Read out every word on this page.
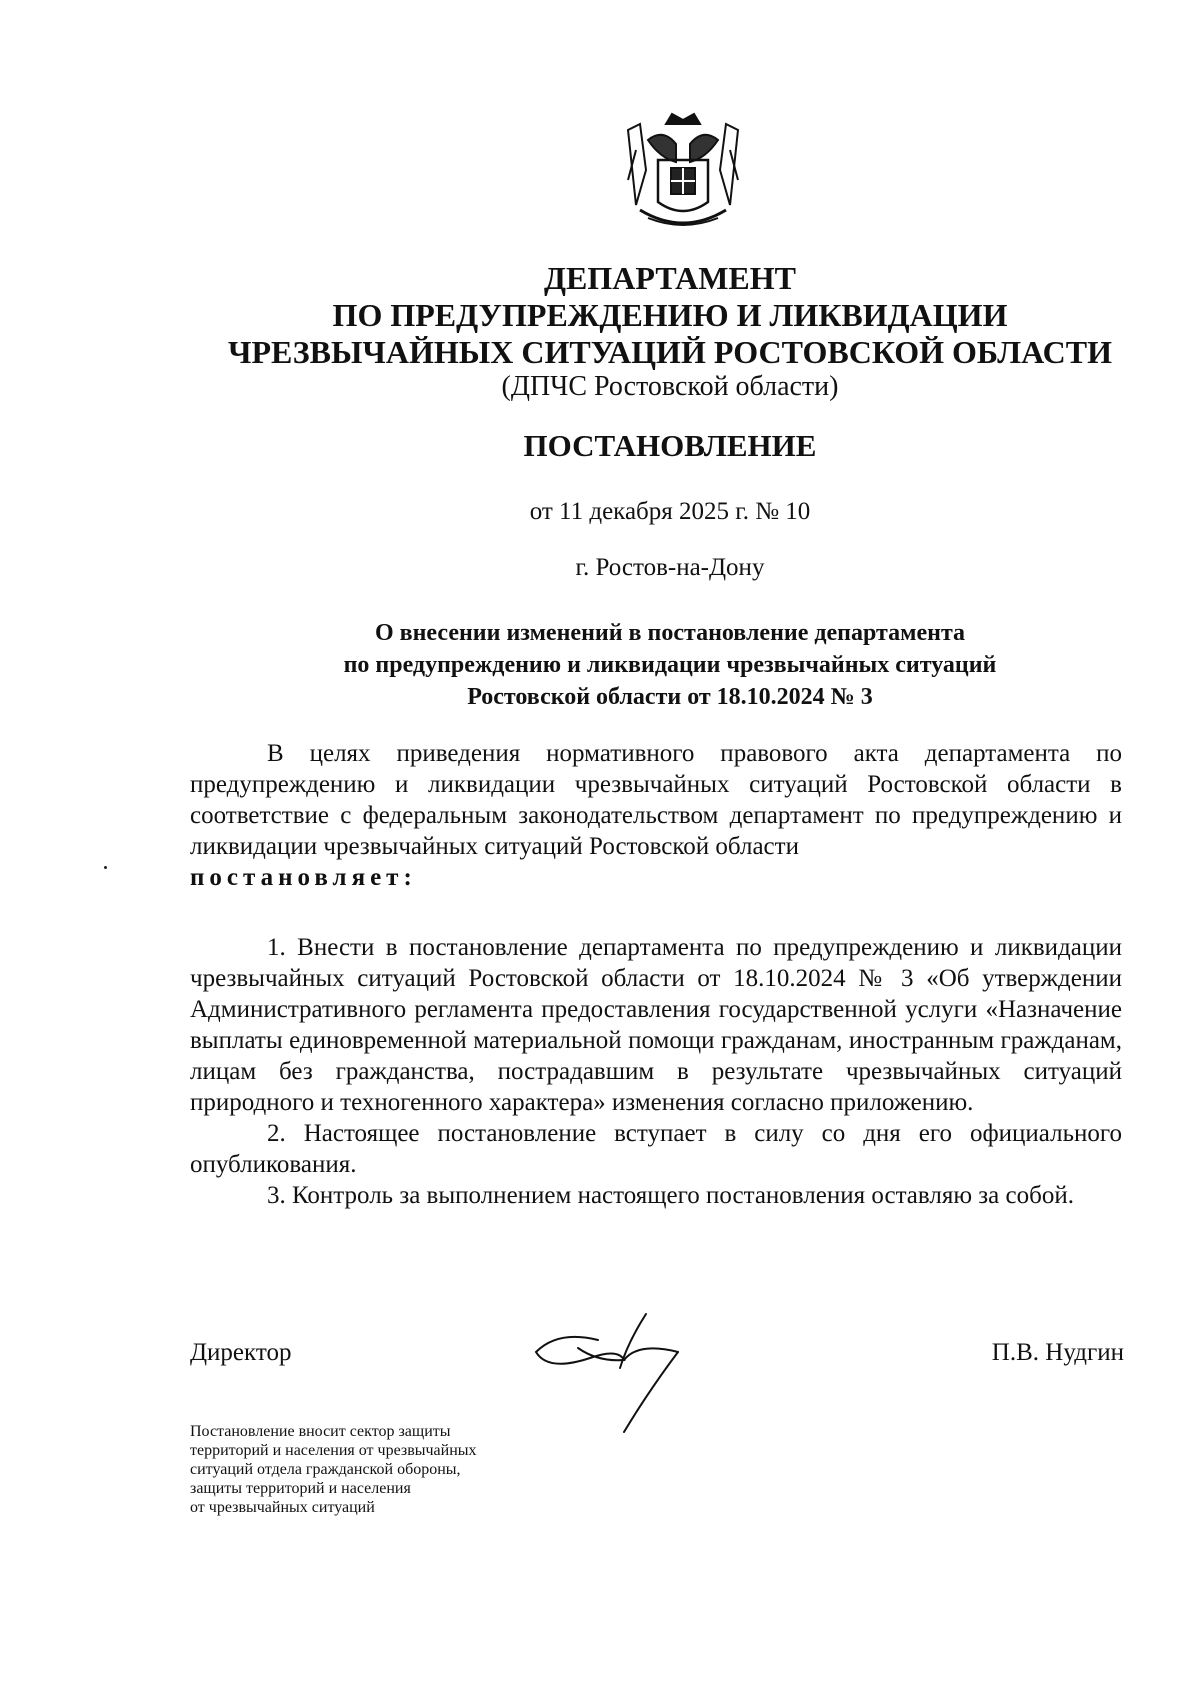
ДЕПАРТАМЕНТ
ПО ПРЕДУПРЕЖДЕНИЮ И ЛИКВИДАЦИИ
ЧРЕЗВЫЧАЙНЫХ СИТУАЦИЙ РОСТОВСКОЙ ОБЛАСТИ
(ДПЧС Ростовской области)
ПОСТАНОВЛЕНИЕ
от 11 декабря 2025 г. № 10
г. Ростов-на-Дону
О внесении изменений в постановление департамента
по предупреждению и ликвидации чрезвычайных ситуаций
Ростовской области от 18.10.2024 № 3

В целях приведения нормативного правового акта департамента по предупреждению и ликвидации чрезвычайных ситуаций Ростовской области в соответствие с федеральным законодательством департамент по предупреждению и ликвидации чрезвычайных ситуаций Ростовской области

постановляет:

1. Внести в постановление департамента по предупреждению и ликвидации чрезвычайных ситуаций Ростовской области от 18.10.2024 № 3 «Об утверждении Административного регламента предоставления государственной услуги «Назначение выплаты единовременной материальной помощи гражданам, иностранным гражданам, лицам без гражданства, пострадавшим в результате чрезвычайных ситуаций природного и техногенного характера» изменения согласно приложению.

2. Настоящее постановление вступает в силу со дня его официального опубликования.

3. Контроль за выполнением настоящего постановления оставляю за собой.

Директор	П.В. Нудгин
Постановление вносит сектор защиты
территорий и населения от чрезвычайных
ситуаций отдела гражданской обороны,
защиты территорий и населения
от чрезвычайных ситуаций
